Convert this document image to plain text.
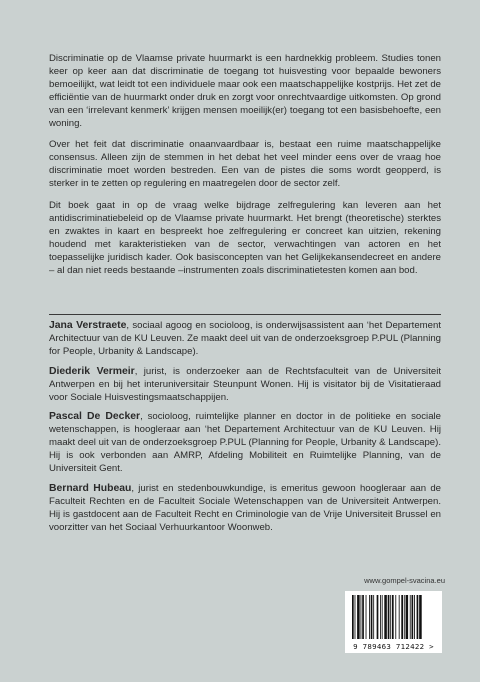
Discriminatie op de Vlaamse private huurmarkt is een hardnekkig probleem. Studies tonen keer op keer aan dat discriminatie de toegang tot huisvesting voor bepaalde bewoners bemoeilijkt, wat leidt tot een individuele maar ook een maatschappelijke kostprijs. Het zet de efficiëntie van de huurmarkt onder druk en zorgt voor onrechtvaardige uitkomsten. Op grond van een ‘irrelevant kenmerk’ krijgen mensen moeilijk(er) toegang tot een basisbehoefte, een woning.

Over het feit dat discriminatie onaanvaardbaar is, bestaat een ruime maatschappelijke consensus. Alleen zijn de stemmen in het debat het veel minder eens over de vraag hoe discriminatie moet worden bestreden. Een van de pistes die soms wordt geopperd, is sterker in te zetten op regulering en maatregelen door de sector zelf.

Dit boek gaat in op de vraag welke bijdrage zelfregulering kan leveren aan het antidiscriminatiebeleid op de Vlaamse private huurmarkt. Het brengt (theoretische) sterktes en zwaktes in kaart en bespreekt hoe zelfregulering er concreet kan uitzien, rekening houdend met karakteristieken van de sector, verwachtingen van actoren en het toepasselijke juridisch kader. Ook basisconcepten van het Gelijkekansendecreet en andere – al dan niet reeds bestaande –instrumenten zoals discriminatietesten komen aan bod.

Jana Verstraete, sociaal agoog en socioloog, is onderwijsassistent aan ‘het Departement Architectuur van de KU Leuven. Ze maakt deel uit van de onderzoeksgroep P.PUL (Planning for People, Urbanity & Landscape).

Diederik Vermeir, jurist, is onderzoeker aan de Rechtsfaculteit van de Universiteit Antwerpen en bij het interuniversitair Steunpunt Wonen. Hij is visitator bij de Visitatieraad voor Sociale Huisvestingsmaatschappijen.

Pascal De Decker, socioloog, ruimtelijke planner en doctor in de politieke en sociale wetenschappen, is hoogleraar aan ‘het Departement Architectuur van de KU Leuven. Hij maakt deel uit van de onderzoeksgroep P.PUL (Planning for People, Urbanity & Landscape). Hij is ook verbonden aan AMRP, Afdeling Mobiliteit en Ruimtelijke Planning, van de Universiteit Gent.

Bernard Hubeau, jurist en stedenbouwkundige, is emeritus gewoon hoogleraar aan de Faculteit Rechten en de Faculteit Sociale Wetenschappen van de Universiteit Antwerpen. Hij is gastdocent aan de Faculteit Recht en Criminologie van de Vrije Universiteit Brussel en voorzitter van het Sociaal Verhuurkantoor Woonweb.

www.gompel-svacina.eu
9 789463 712422 >
